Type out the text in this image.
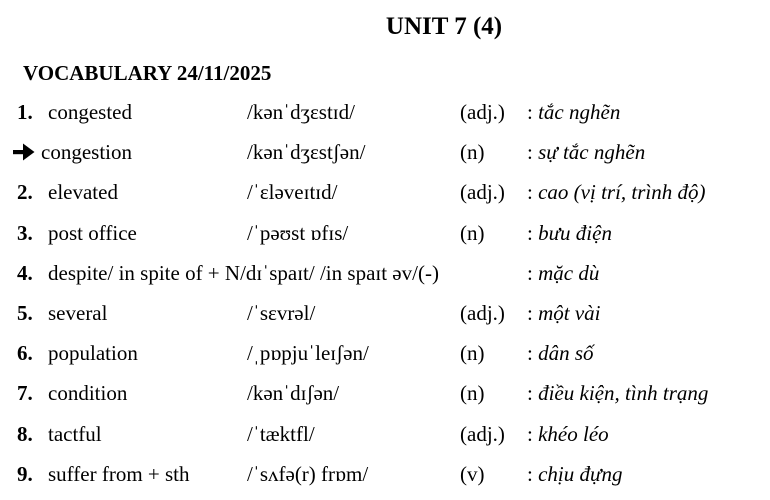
UNIT 7 (4)
VOCABULARY 24/11/2025
1. congested	/kənˈdʒɛstɪd/	(adj.) : tắc nghẽn
congestion	/kənˈdʒɛstʃən/	(n) : sự tắc nghẽn
2. elevated	/ˈɛləveɪtɪd/	(adj.) : cao (vị trí, trình độ)
3. post office	/ˈpəʊst ɒfɪs/	(n) : bưu điện
4. despite/ in spite of + N/dɪˈspaɪt/ /in spaɪt əv/(-)	: mặc dù
5. several	/ˈsɛvrəl/	(adj.) : một vài
6. population	/ˌpɒpjuˈleɪʃən/	(n) : dân số
7. condition	/kənˈdɪʃən/	(n) : điều kiện, tình trạng
8. tactful	/ˈtæktfl/	(adj.) : khéo léo
9. suffer from + sth	/ˈsʌfə(r) frɒm/	(v) : chịu đựng
